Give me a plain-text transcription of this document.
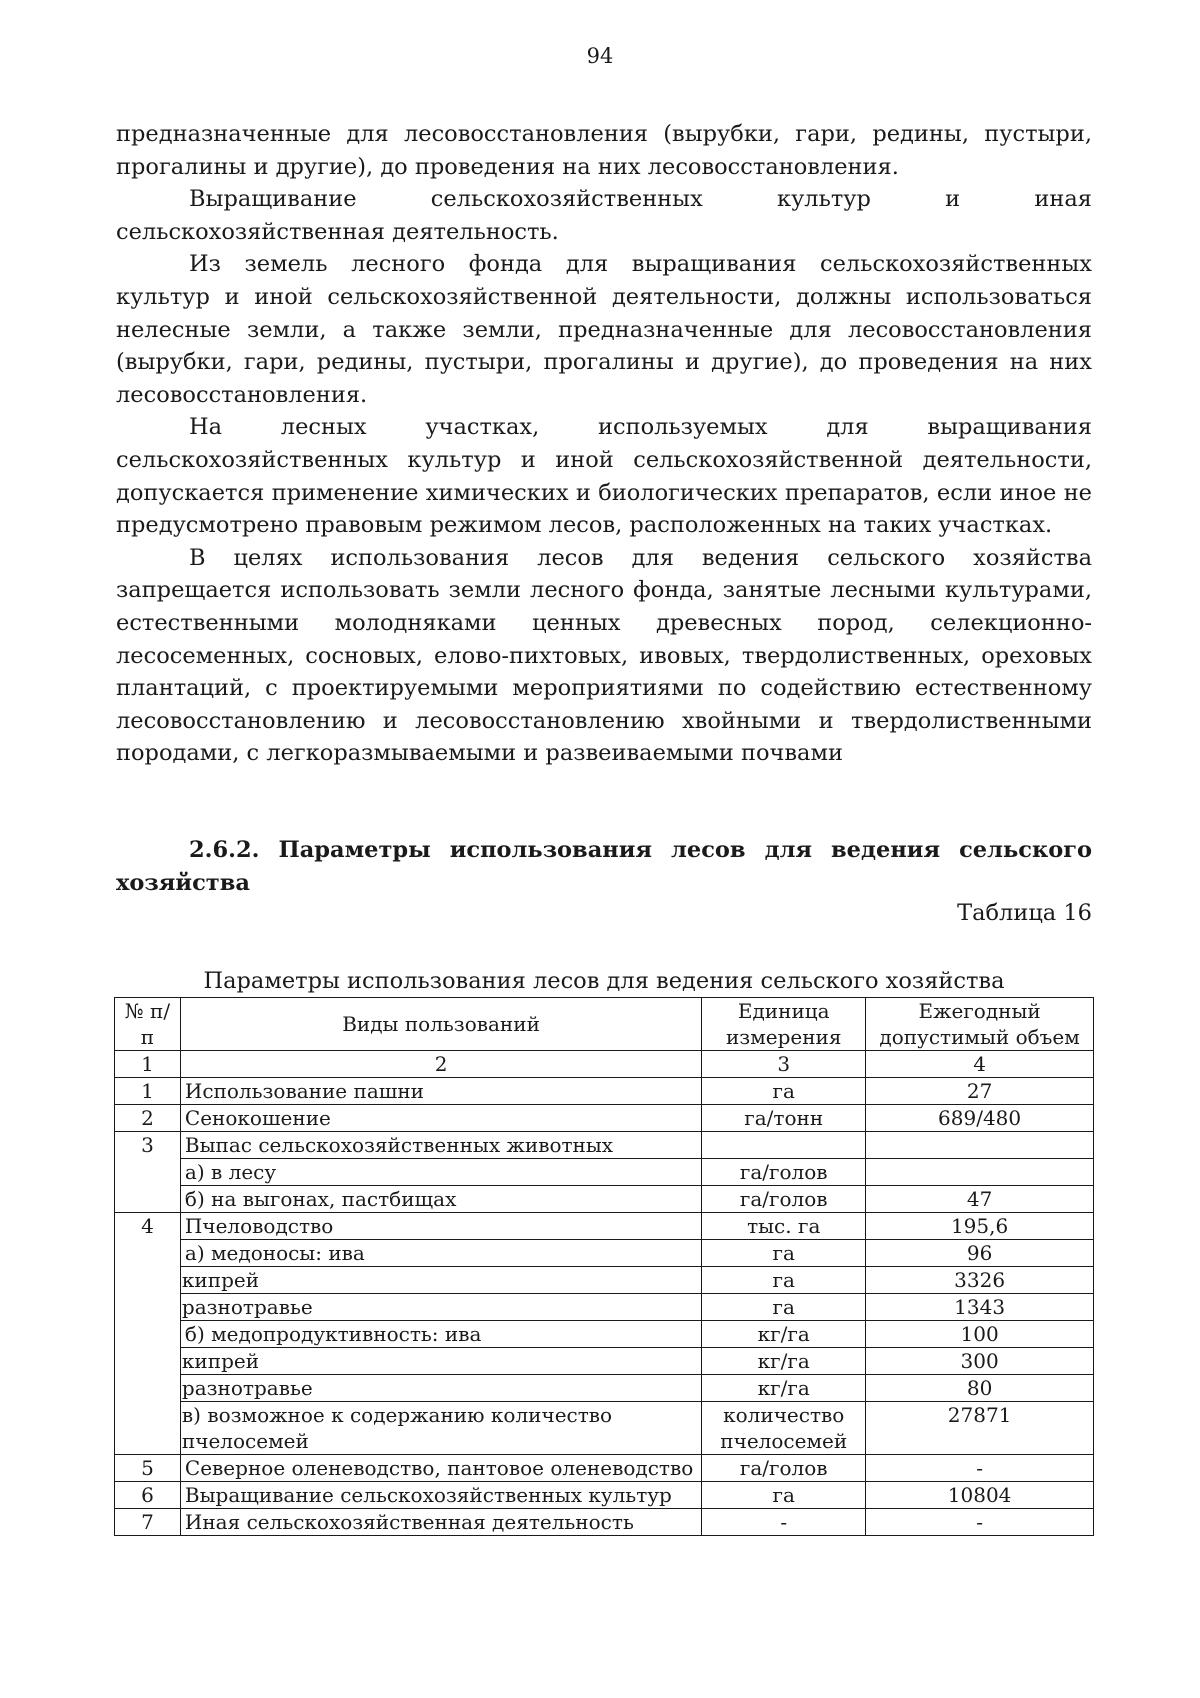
94

предназначенные для лесовосстановления (вырубки, гари, редины, пустыри, прогалины и другие), до проведения на них лесовосстановления.

Выращивание сельскохозяйственных культур и иная сельскохозяйственная деятельность.

Из земель лесного фонда для выращивания сельскохозяйственных культур и иной сельскохозяйственной деятельности, должны использоваться нелесные земли, а также земли, предназначенные для лесовосстановления (вырубки, гари, редины, пустыри, прогалины и другие), до проведения на них лесовосстановления.

На лесных участках, используемых для выращивания сельскохозяйственных культур и иной сельскохозяйственной деятельности, допускается применение химических и биологических препаратов, если иное не предусмотрено правовым режимом лесов, расположенных на таких участках.

В целях использования лесов для ведения сельского хозяйства запрещается использовать земли лесного фонда, занятые лесными культурами, естественными молодняками ценных древесных пород, селекционно-лесосеменных, сосновых, елово-пихтовых, ивовых, твердолиственных, ореховых плантаций, с проектируемыми мероприятиями по содействию естественному лесовосстановлению и лесовосстановлению хвойными и твердолиственными породами, с легкоразмываемыми и развеиваемыми почвами

2.6.2. Параметры использования лесов для ведения сельского хозяйства

Таблица 16
Параметры использования лесов для ведения сельского хозяйства
№ п/п	Виды пользований	Единица измерения	Ежегодный допустимый объем
1	2	3	4
1	Использование пашни	га	27
2	Сенокошение	га/тонн	689/480
3	Выпас сельскохозяйственных животных		
	а) в лесу	га/голов	
	б) на выгонах, пастбищах	га/голов	47
4	Пчеловодство	тыс. га	195,6
	а) медоносы: ива	га	96
	кипрей	га	3326
	разнотравье	га	1343
	б) медопродуктивность: ива	кг/га	100
	кипрей	кг/га	300
	разнотравье	кг/га	80
	в) возможное к содержанию количество пчелосемей	количество пчелосемей	27871
5	Северное оленеводство, пантовое оленеводство	га/голов	-
6	Выращивание сельскохозяйственных культур	га	10804
7	Иная сельскохозяйственная деятельность	-	-
